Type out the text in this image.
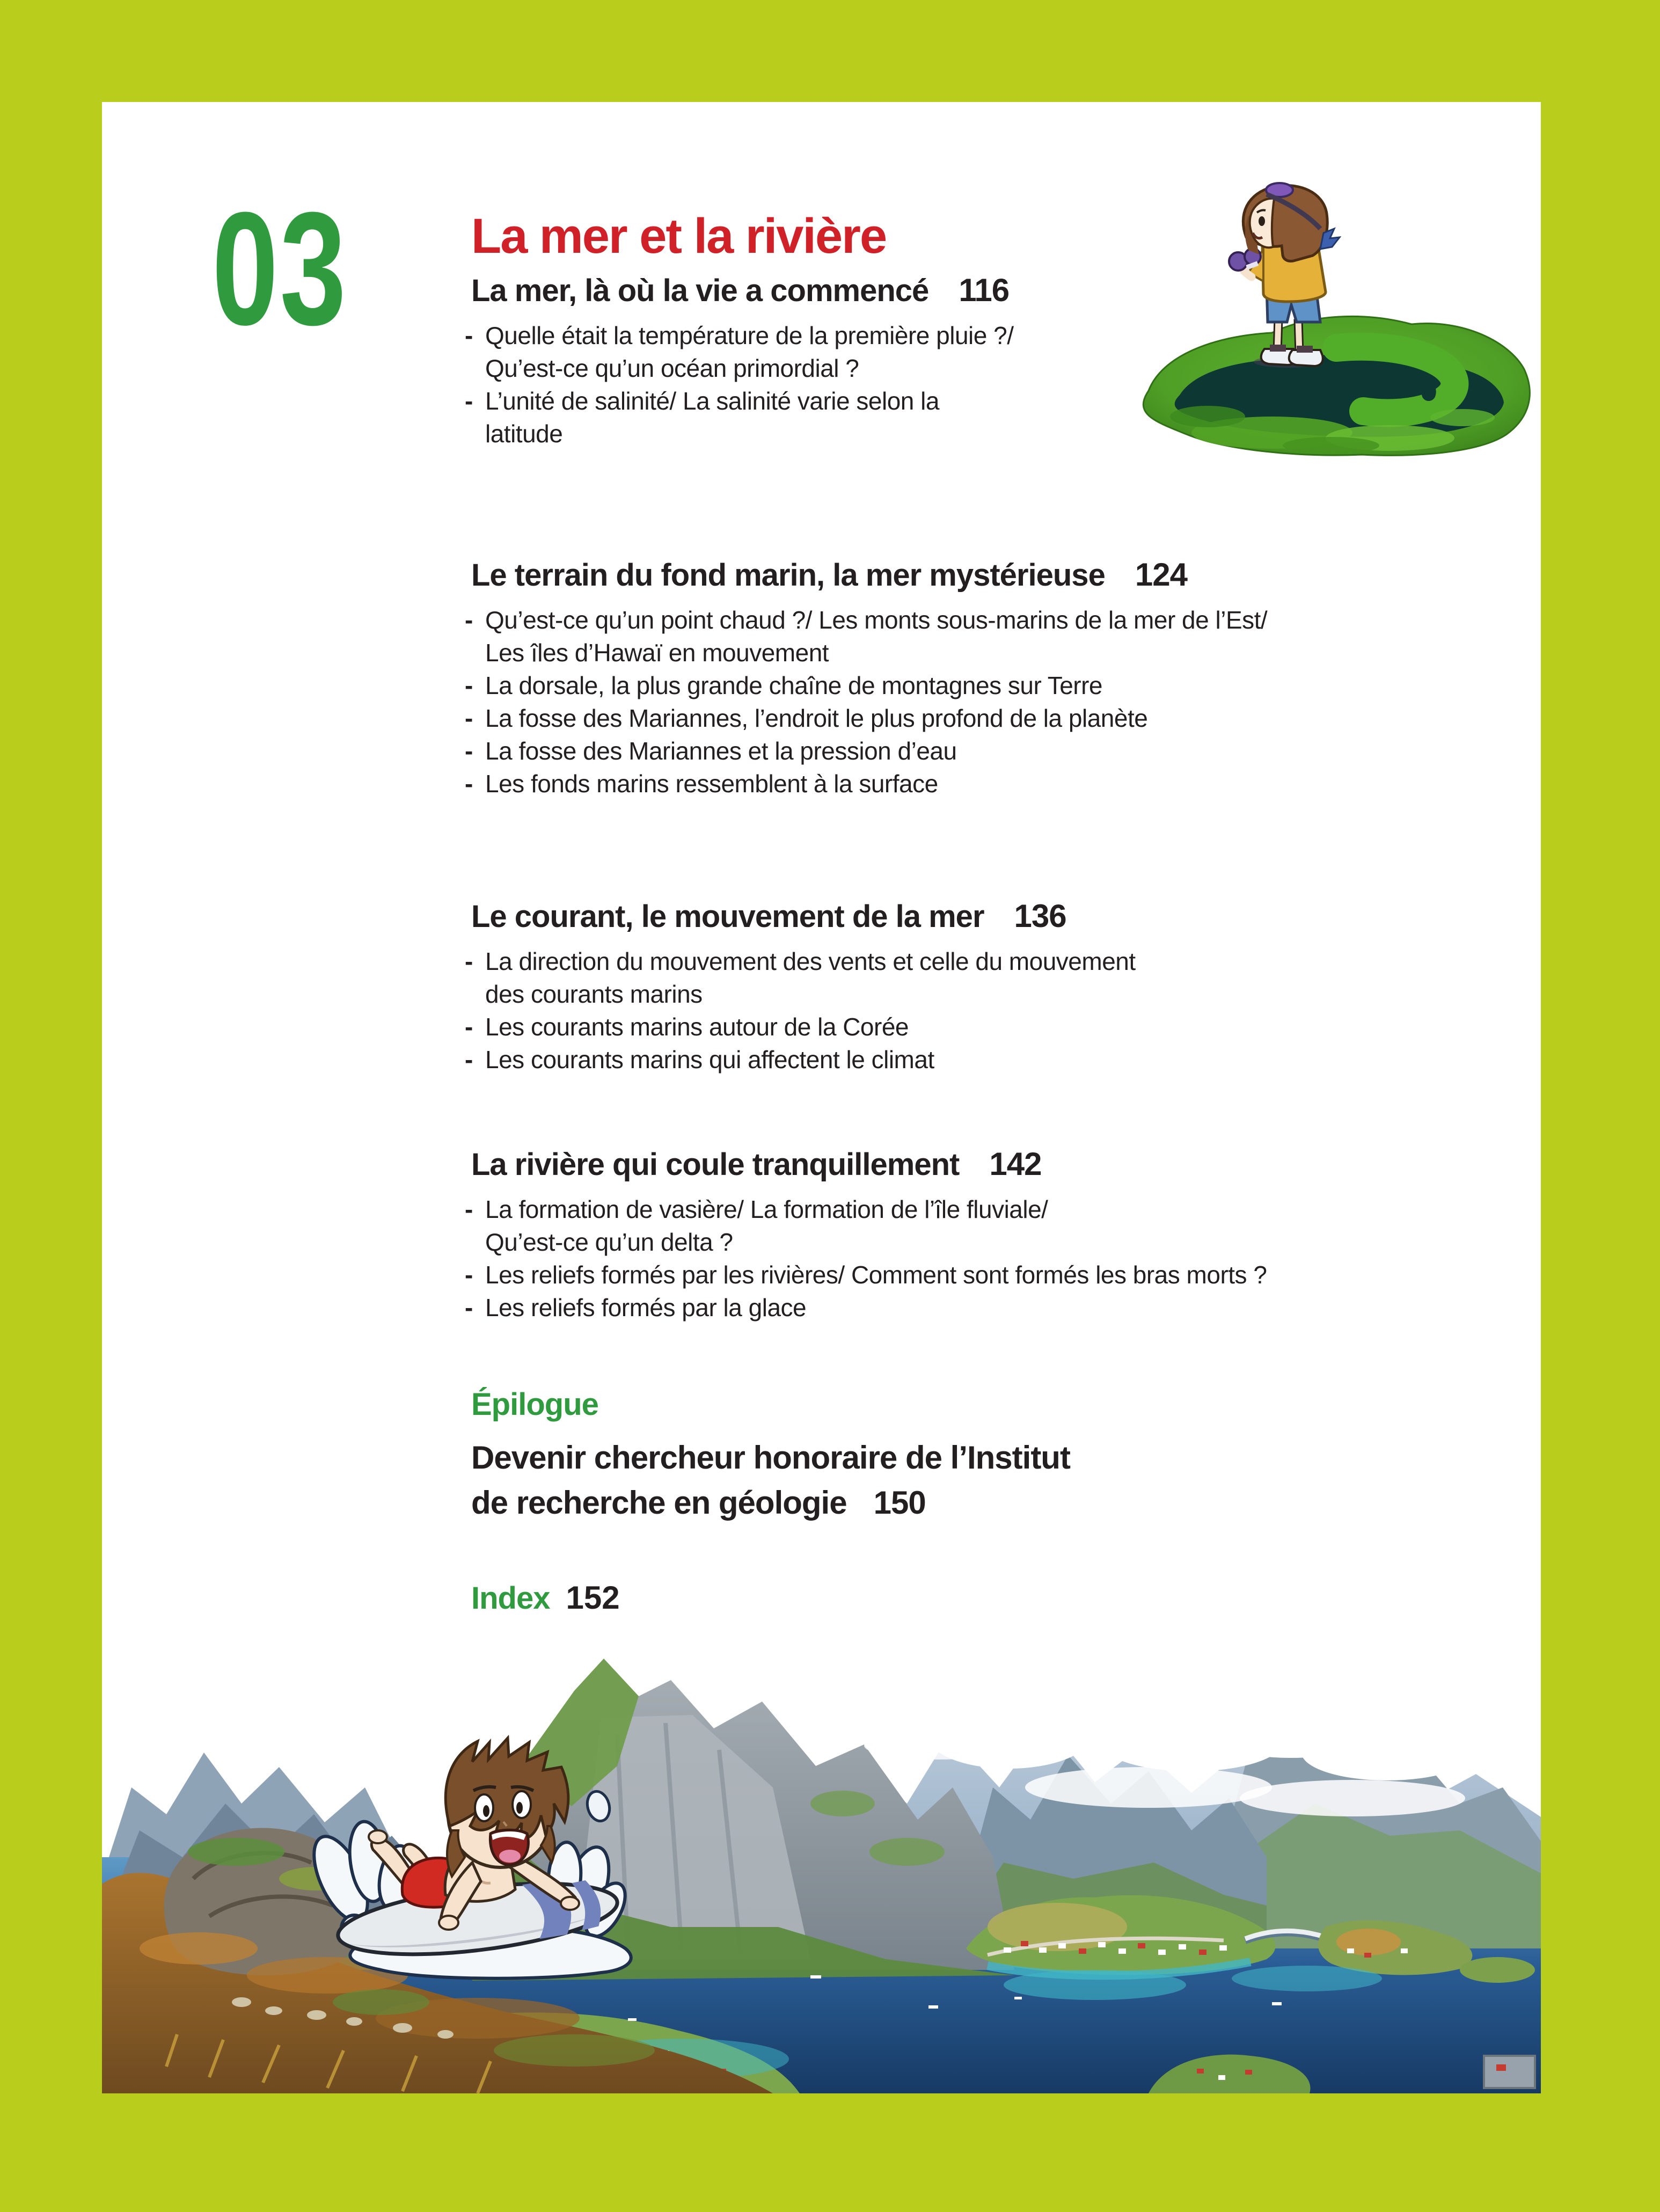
03	La mer et la rivière
La mer, là où la vie a commencé 116
- Quelle était la température de la première pluie ?/
Qu’est-ce qu’un océan primordial ?
- L’unité de salinité/ La salinité varie selon la
latitude
Le terrain du fond marin, la mer mystérieuse 124
- Qu’est-ce qu’un point chaud ?/ Les monts sous-marins de la mer de l’Est/
Les îles d’Hawaï en mouvement
- La dorsale, la plus grande chaîne de montagnes sur Terre
- La fosse des Mariannes, l’endroit le plus profond de la planète
- La fosse des Mariannes et la pression d’eau
- Les fonds marins ressemblent à la surface
Le courant, le mouvement de la mer 136
- La direction du mouvement des vents et celle du mouvement
des courants marins
- Les courants marins autour de la Corée
- Les courants marins qui affectent le climat
La rivière qui coule tranquillement 142
- La formation de vasière/ La formation de l’île fluviale/
Qu’est-ce qu’un delta ?
- Les reliefs formés par les rivières/ Comment sont formés les bras morts ?
- Les reliefs formés par la glace
Épilogue
Devenir chercheur honoraire de l’Institut
de recherche en géologie 150
Index 152
